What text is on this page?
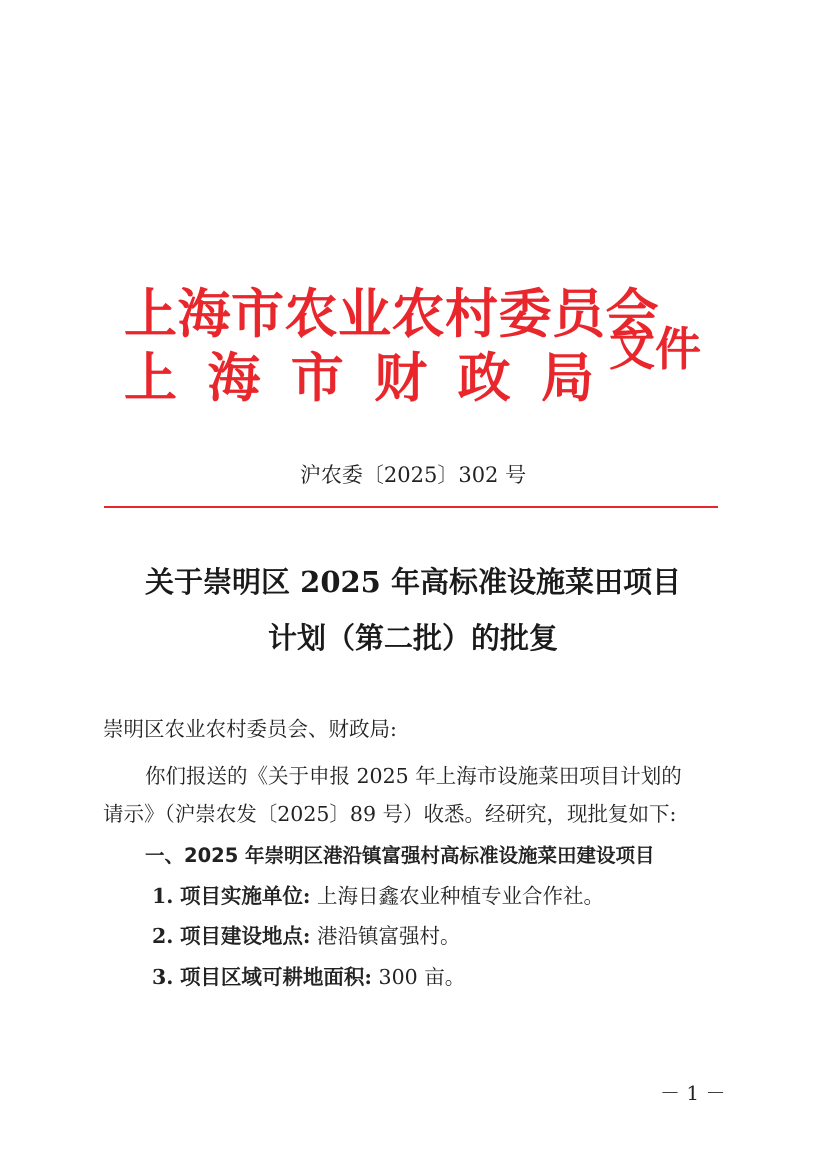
上海市农业农村委员会
上 海 市 财 政 局 文件
沪农委〔2025〕302 号
关于崇明区 2025 年高标准设施菜田项目
计划（第二批）的批复
崇明区农业农村委员会、财政局:
你们报送的《关于申报 2025 年上海市设施菜田项目计划的
请示》（沪崇农发〔2025〕89 号）收悉。经研究，现批复如下:
一、2025 年崇明区港沿镇富强村高标准设施菜田建设项目
1. 项目实施单位: 上海日鑫农业种植专业合作社。
2. 项目建设地点: 港沿镇富强村。
3. 项目区域可耕地面积: 300 亩。
－ 1 －
